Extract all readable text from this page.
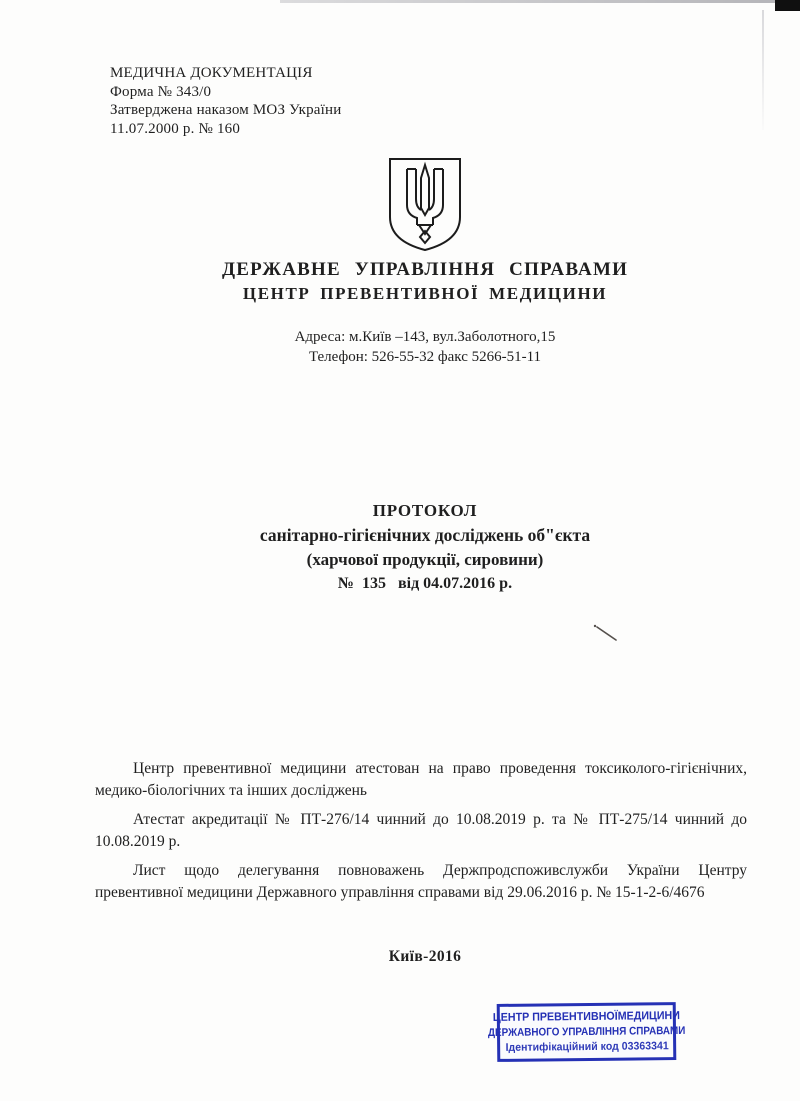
МЕДИЧНА ДОКУМЕНТАЦІЯ
Форма № 343/0
Затверджена наказом МОЗ України
11.07.2000 р. № 160
ДЕРЖАВНЕ УПРАВЛІННЯ СПРАВАМИ
ЦЕНТР ПРЕВЕНТИВНОЇ МЕДИЦИНИ
Адреса: м.Київ –143, вул.Заболотного,15
Телефон: 526-55-32 факс 5266-51-11
ПРОТОКОЛ
санітарно-гігієнічних досліджень об"єкта
(харчової продукції, сировини)
№  135   від 04.07.2016 р.

Центр превентивної медицини атестован на право проведення токсиколого-гігієнічних, медико-біологічних та інших досліджень

Атестат акредитації № ПТ-276/14 чинний до 10.08.2019 р. та № ПТ-275/14 чинний до 10.08.2019 р.

Лист щодо делегування повноважень Держпродспоживслужби України Центру превентивної медицини Державного управління справами від 29.06.2016 р. № 15-1-2-6/4676

Київ-2016
ЦЕНТР ПРЕВЕНТИВНОЇМЕДИЦИНИ
ДЕРЖАВНОГО УПРАВЛІННЯ СПРАВАМИ
Ідентифікаційний код 03363341
